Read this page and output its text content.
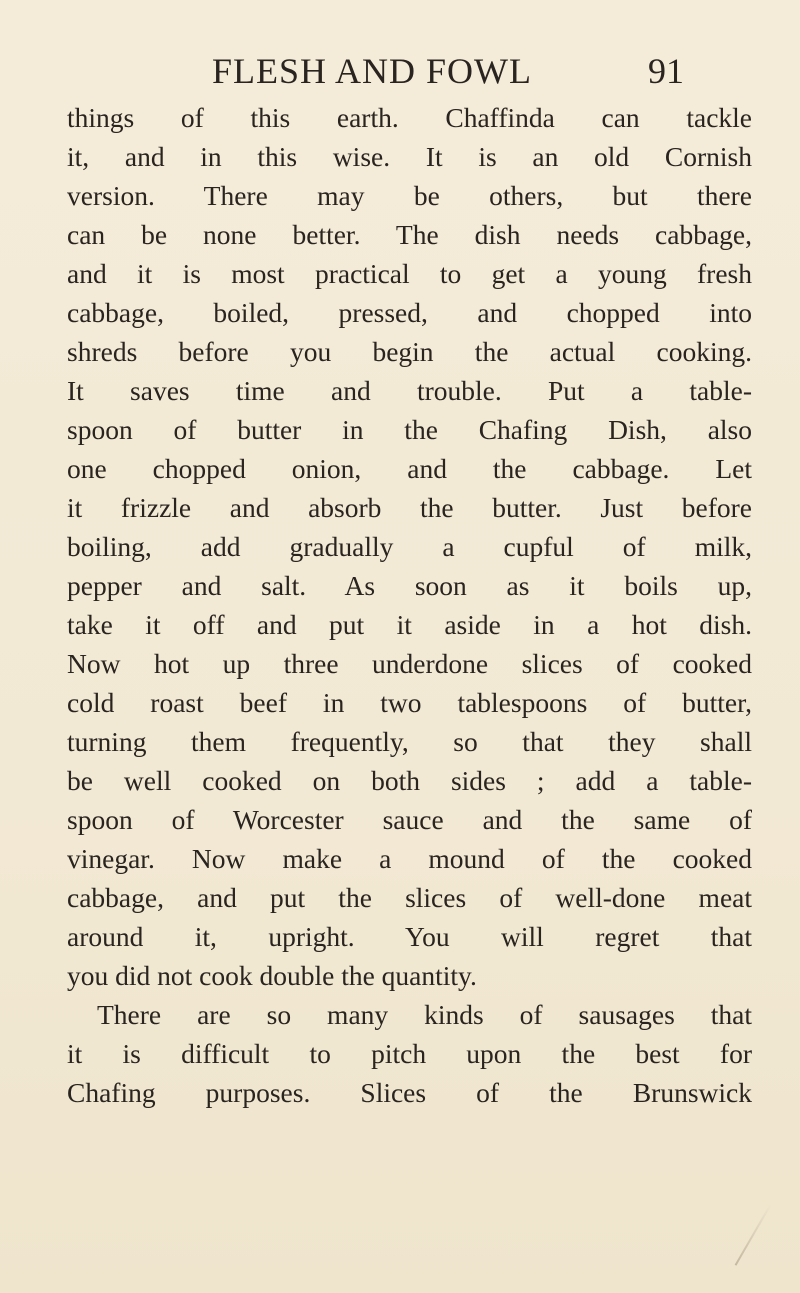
FLESH AND FOWL	91
things of this earth. Chaffinda can tackle
it, and in this wise. It is an old Cornish
version. There may be others, but there
can be none better. The dish needs cabbage,
and it is most practical to get a young fresh
cabbage, boiled, pressed, and chopped into
shreds before you begin the actual cooking.
It saves time and trouble. Put a table-
spoon of butter in the Chafing Dish, also
one chopped onion, and the cabbage. Let
it frizzle and absorb the butter. Just before
boiling, add gradually a cupful of milk,
pepper and salt. As soon as it boils up,
take it off and put it aside in a hot dish.
Now hot up three underdone slices of cooked
cold roast beef in two tablespoons of butter,
turning them frequently, so that they shall
be well cooked on both sides ; add a table-
spoon of Worcester sauce and the same of
vinegar. Now make a mound of the cooked
cabbage, and put the slices of well-done meat
around it, upright. You will regret that
you did not cook double the quantity.
There are so many kinds of sausages that
it is difficult to pitch upon the best for
Chafing purposes. Slices of the Brunswick
